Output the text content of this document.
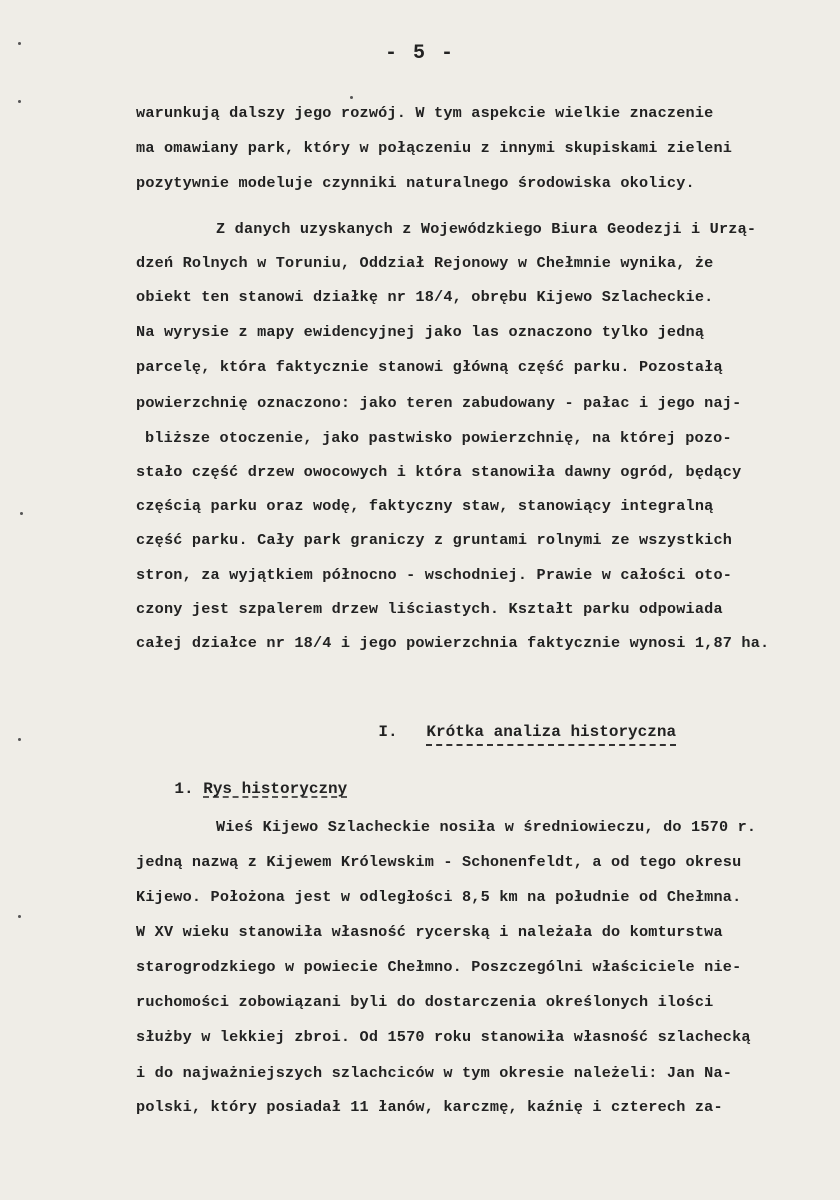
- 5 -
warunkują dalszy jego rozwój. W tym aspekcie wielkie znaczenie
ma omawiany park, który w połączeniu z innymi skupiskami zieleni
pozytywnie modeluje czynniki naturalnego środowiska okolicy.
Z danych uzyskanych z Wojewódzkiego Biura Geodezji i Urzą-
dzeń Rolnych w Toruniu, Oddział Rejonowy w Chełmnie wynika, że
obiekt ten stanowi działkę nr 18/4, obrębu Kijewo Szlacheckie.
Na wyrysie z mapy ewidencyjnej jako las oznaczono tylko jedną
parcelę, która faktycznie stanowi główną część parku. Pozostałą
powierzchnię oznaczono: jako teren zabudowany - pałac i jego naj-
bliższe otoczenie, jako pastwisko powierzchnię, na której pozo-
stało część drzew owocowych i która stanowiła dawny ogród, będący
częścią parku oraz wodę, faktyczny staw, stanowiący integralną
część parku. Cały park graniczy z gruntami rolnymi ze wszystkich
stron, za wyjątkiem północno - wschodniej. Prawie w całości oto-
czony jest szpalerem drzew liściastych. Kształt parku odpowiada
całej działce nr 18/4 i jego powierzchnia faktycznie wynosi 1,87 ha.

I. Krótka analiza historyczna

1. Rys historyczny

Wieś Kijewo Szlacheckie nosiła w średniowieczu, do 1570 r.
jedną nazwą z Kijewem Królewskim - Schonenfeldt, a od tego okresu
Kijewo. Położona jest w odległości 8,5 km na południe od Chełmna.
W XV wieku stanowiła własność rycerską i należała do komturstwa
starogrodzkiego w powiecie Chełmno. Poszczególni właściciele nie-
ruchomości zobowiązani byli do dostarczenia określonych ilości
służby w lekkiej zbroi. Od 1570 roku stanowiła własność szlachecką
i do najważniejszych szlachciców w tym okresie należeli: Jan Na-
polski, który posiadał 11 łanów, karczmę, kaźnię i czterech za-
